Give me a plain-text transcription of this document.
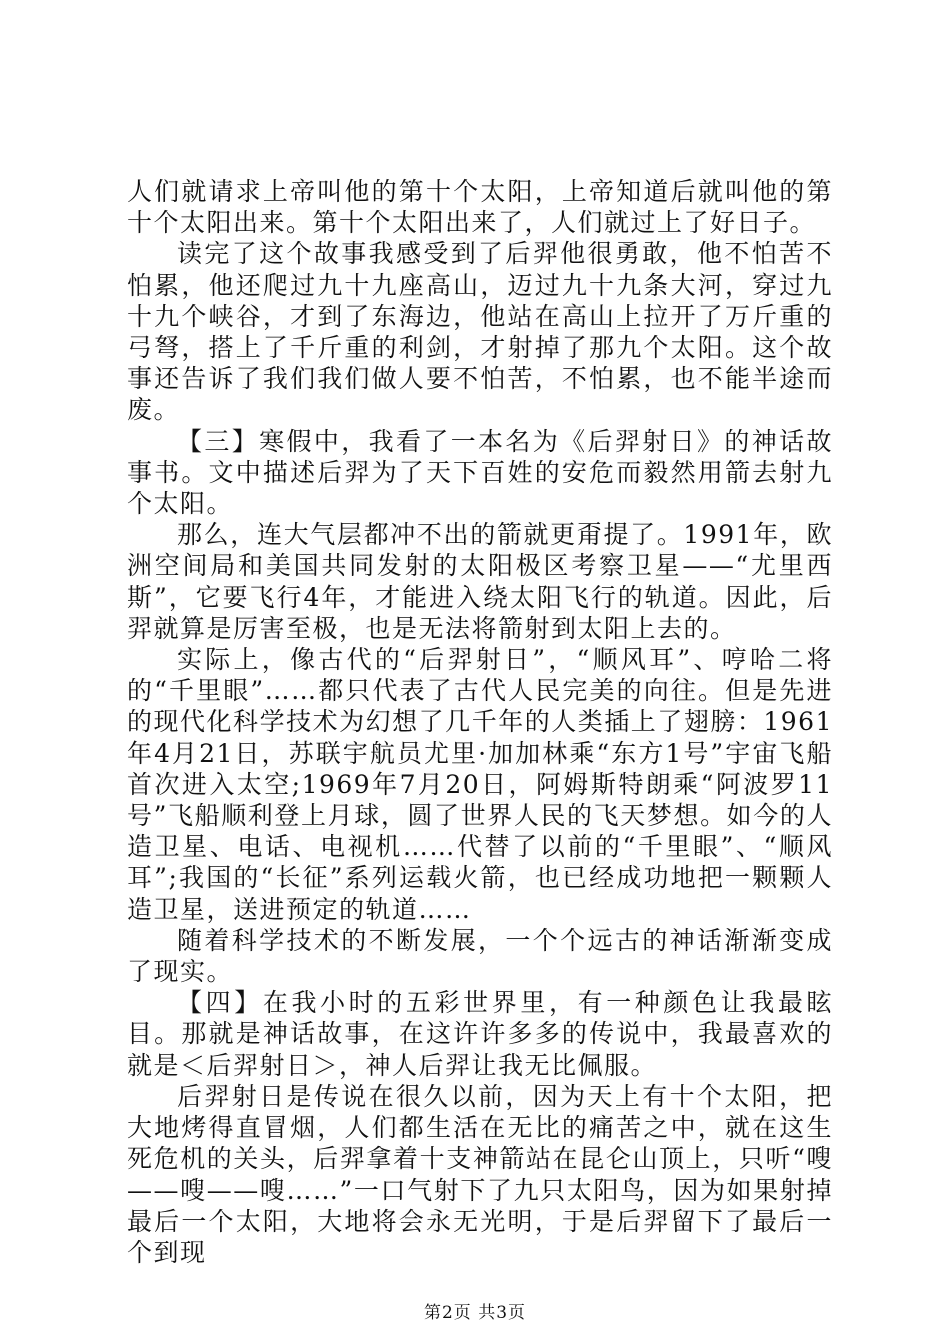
人们就请求上帝叫他的第十个太阳，上帝知道后就叫他的第十个太阳出来。第十个太阳出来了，人们就过上了好日子。

读完了这个故事我感受到了后羿他很勇敢，他不怕苦不怕累，他还爬过九十九座高山，迈过九十九条大河，穿过九十九个峡谷，才到了东海边，他站在高山上拉开了万斤重的弓弩，搭上了千斤重的利剑，才射掉了那九个太阳。这个故事还告诉了我们我们做人要不怕苦，不怕累，也不能半途而废。

【三】寒假中，我看了一本名为《后羿射日》的神话故事书。文中描述后羿为了天下百姓的安危而毅然用箭去射九个太阳。

那么，连大气层都冲不出的箭就更甭提了。1991年，欧洲空间局和美国共同发射的太阳极区考察卫星——“尤里西斯”，它要飞行4年，才能进入绕太阳飞行的轨道。因此，后羿就算是厉害至极，也是无法将箭射到太阳上去的。

实际上，像古代的“后羿射日”，“顺风耳”、哼哈二将的“千里眼”……都只代表了古代人民完美的向往。但是先进的现代化科学技术为幻想了几千年的人类插上了翅膀：1961年4月21日，苏联宇航员尤里·加加林乘“东方1号”宇宙飞船首次进入太空;1969年7月20日，阿姆斯特朗乘“阿波罗11号”飞船顺利登上月球，圆了世界人民的飞天梦想。如今的人造卫星、电话、电视机……代替了以前的“千里眼”、“顺风耳”;我国的“长征”系列运载火箭，也已经成功地把一颗颗人造卫星，送进预定的轨道……

随着科学技术的不断发展，一个个远古的神话渐渐变成了现实。

【四】在我小时的五彩世界里，有一种颜色让我最眩目。那就是神话故事，在这许许多多的传说中，我最喜欢的就是＜后羿射日＞，神人后羿让我无比佩服。

后羿射日是传说在很久以前，因为天上有十个太阳，把大地烤得直冒烟，人们都生活在无比的痛苦之中，就在这生死危机的关头，后羿拿着十支神箭站在昆仑山顶上，只听“嗖——嗖——嗖……”一口气射下了九只太阳鸟，因为如果射掉最后一个太阳，大地将会永无光明，于是后羿留下了最后一个到现

第2页 共3页
